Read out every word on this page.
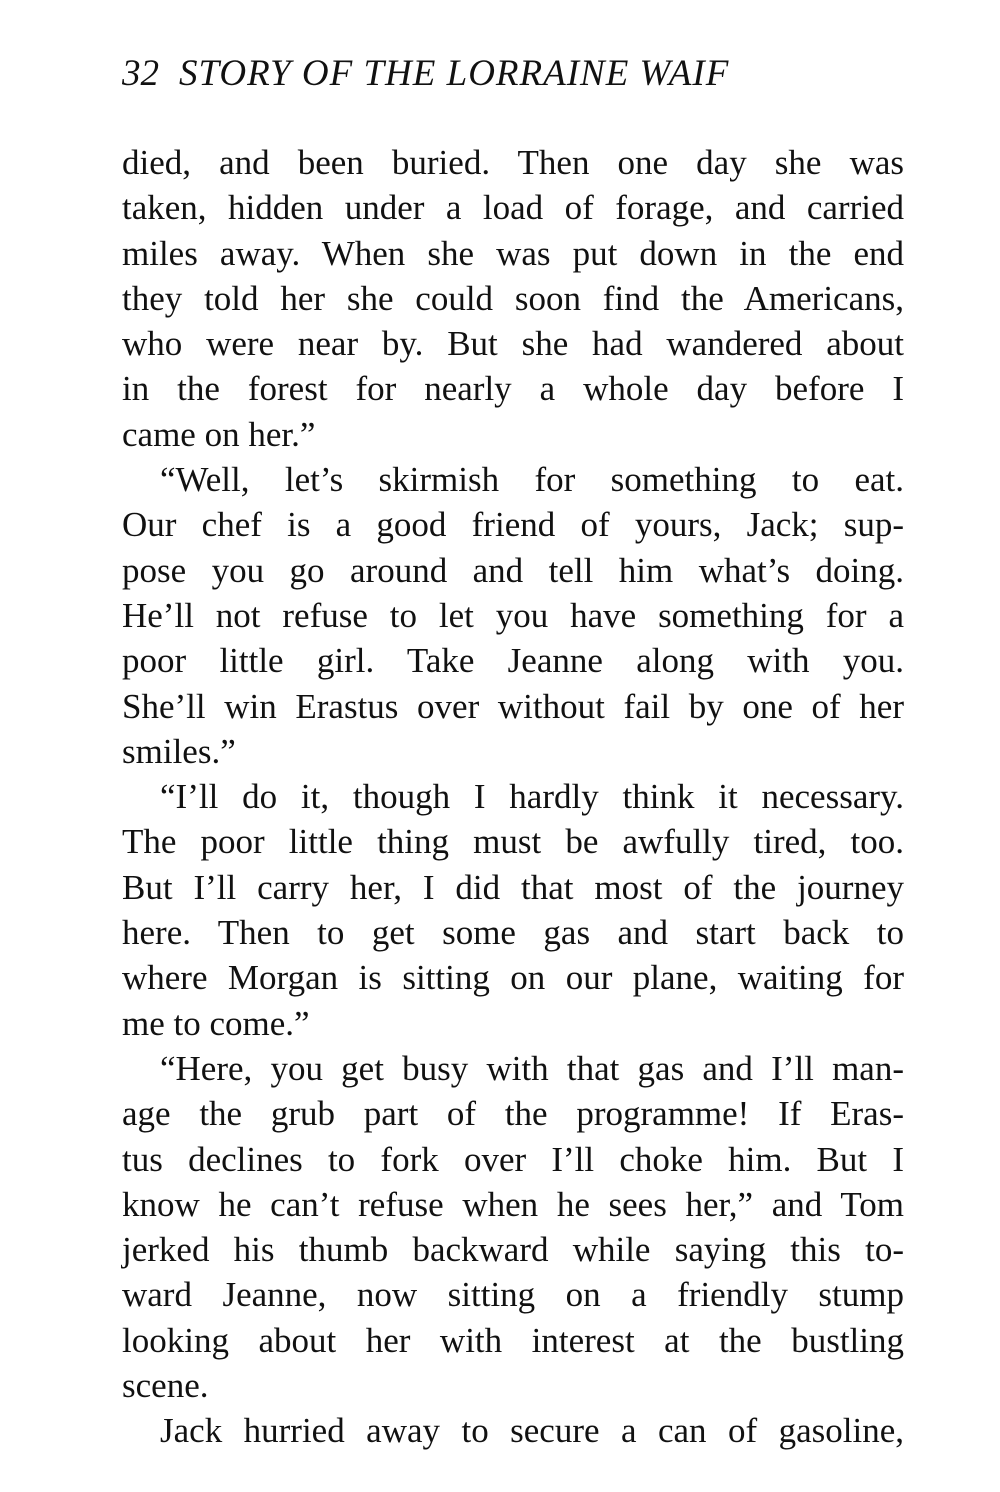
32 STORY OF THE LORRAINE WAIF
died, and been buried. Then one day she was
taken, hidden under a load of forage, and carried
miles away. When she was put down in the end
they told her she could soon find the Americans,
who were near by. But she had wandered about
in the forest for nearly a whole day before I
came on her.”
“Well, let’s skirmish for something to eat.
Our chef is a good friend of yours, Jack; sup-
pose you go around and tell him what’s doing.
He’ll not refuse to let you have something for a
poor little girl. Take Jeanne along with you.
She’ll win Erastus over without fail by one of her
smiles.”
“I’ll do it, though I hardly think it necessary.
The poor little thing must be awfully tired, too.
But I’ll carry her, I did that most of the journey
here. Then to get some gas and start back to
where Morgan is sitting on our plane, waiting for
me to come.”
“Here, you get busy with that gas and I’ll man-
age the grub part of the programme! If Eras-
tus declines to fork over I’ll choke him. But I
know he can’t refuse when he sees her,” and Tom
jerked his thumb backward while saying this to-
ward Jeanne, now sitting on a friendly stump
looking about her with interest at the bustling
scene.
Jack hurried away to secure a can of gasoline,
